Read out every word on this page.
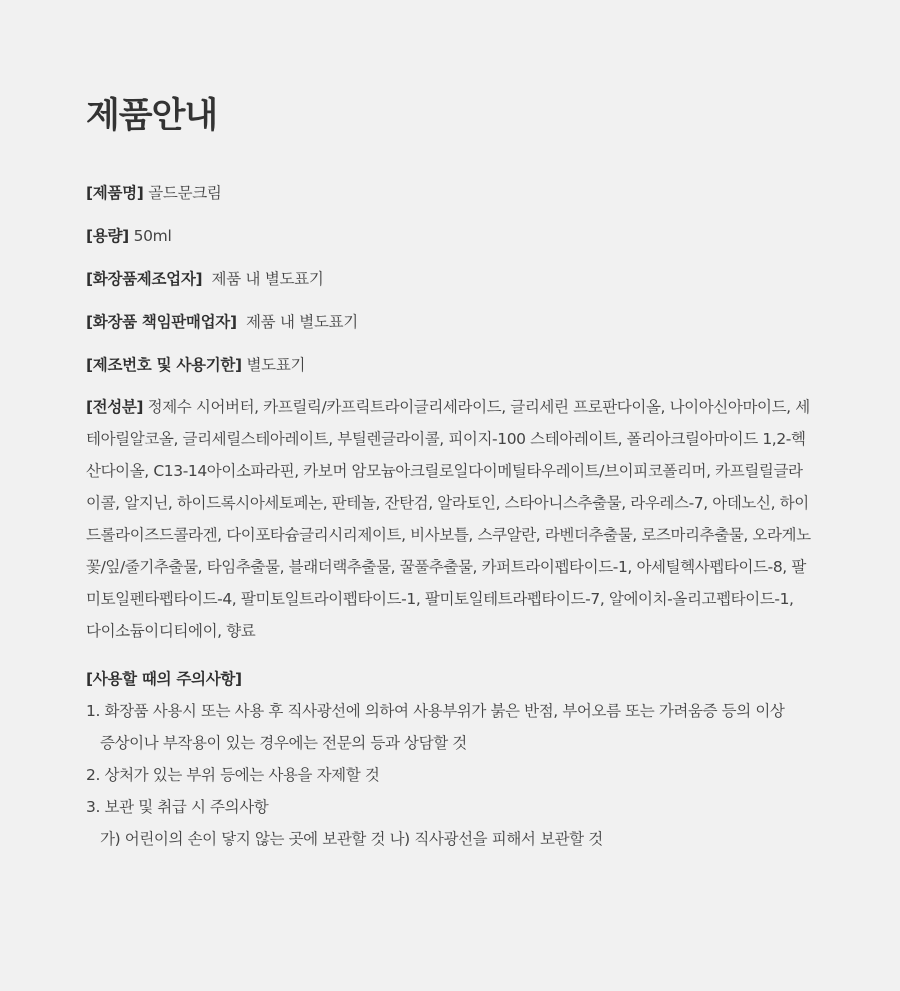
제품안내
[제품명] 골드문크림
[용량] 50ml
[화장품제조업자] 제품 내 별도표기
[화장품 책임판매업자] 제품 내 별도표기
[제조번호 및 사용기한] 별도표기
[전성분] 정제수 시어버터, 카프릴릭/카프릭트라이글리세라이드, 글리세린 프로판다이올, 나이아신아마이드, 세테아릴알코올, 글리세릴스테아레이트, 부틸렌글라이콜, 피이지-100 스테아레이트, 폴리아크릴아마이드 1,2-헥산다이올, C13-14아이소파라핀, 카보머 암모늄아크릴로일다이메틸타우레이트/브이피코폴리머, 카프릴릴글라이콜, 알지닌, 하이드록시아세토페논, 판테놀, 잔탄검, 알라토인, 스타아니스추출물, 라우레스-7, 아데노신, 하이드롤라이즈드콜라겐, 다이포타슘글리시리제이트, 비사보틀, 스쿠알란, 라벤더추출물, 로즈마리추출물, 오라게노꽃/잎/줄기추출물, 타임추출물, 블래더랙추출물, 꿀풀추출물, 카퍼트라이펩타이드-1, 아세틸헥사펩타이드-8, 팔미토일펜타펩타이드-4, 팔미토일트라이펩타이드-1, 팔미토일테트라펩타이드-7, 알에이치-올리고펩타이드-1, 다이소듐이디티에이, 향료
[사용할 때의 주의사항]
1. 화장품 사용시 또는 사용 후 직사광선에 의하여 사용부위가 붉은 반점, 부어오름 또는 가려움증 등의 이상
증상이나 부작용이 있는 경우에는 전문의 등과 상담할 것
2. 상처가 있는 부위 등에는 사용을 자제할 것
3. 보관 및 취급 시 주의사항
가) 어린이의 손이 닿지 않는 곳에 보관할 것 나) 직사광선을 피해서 보관할 것
